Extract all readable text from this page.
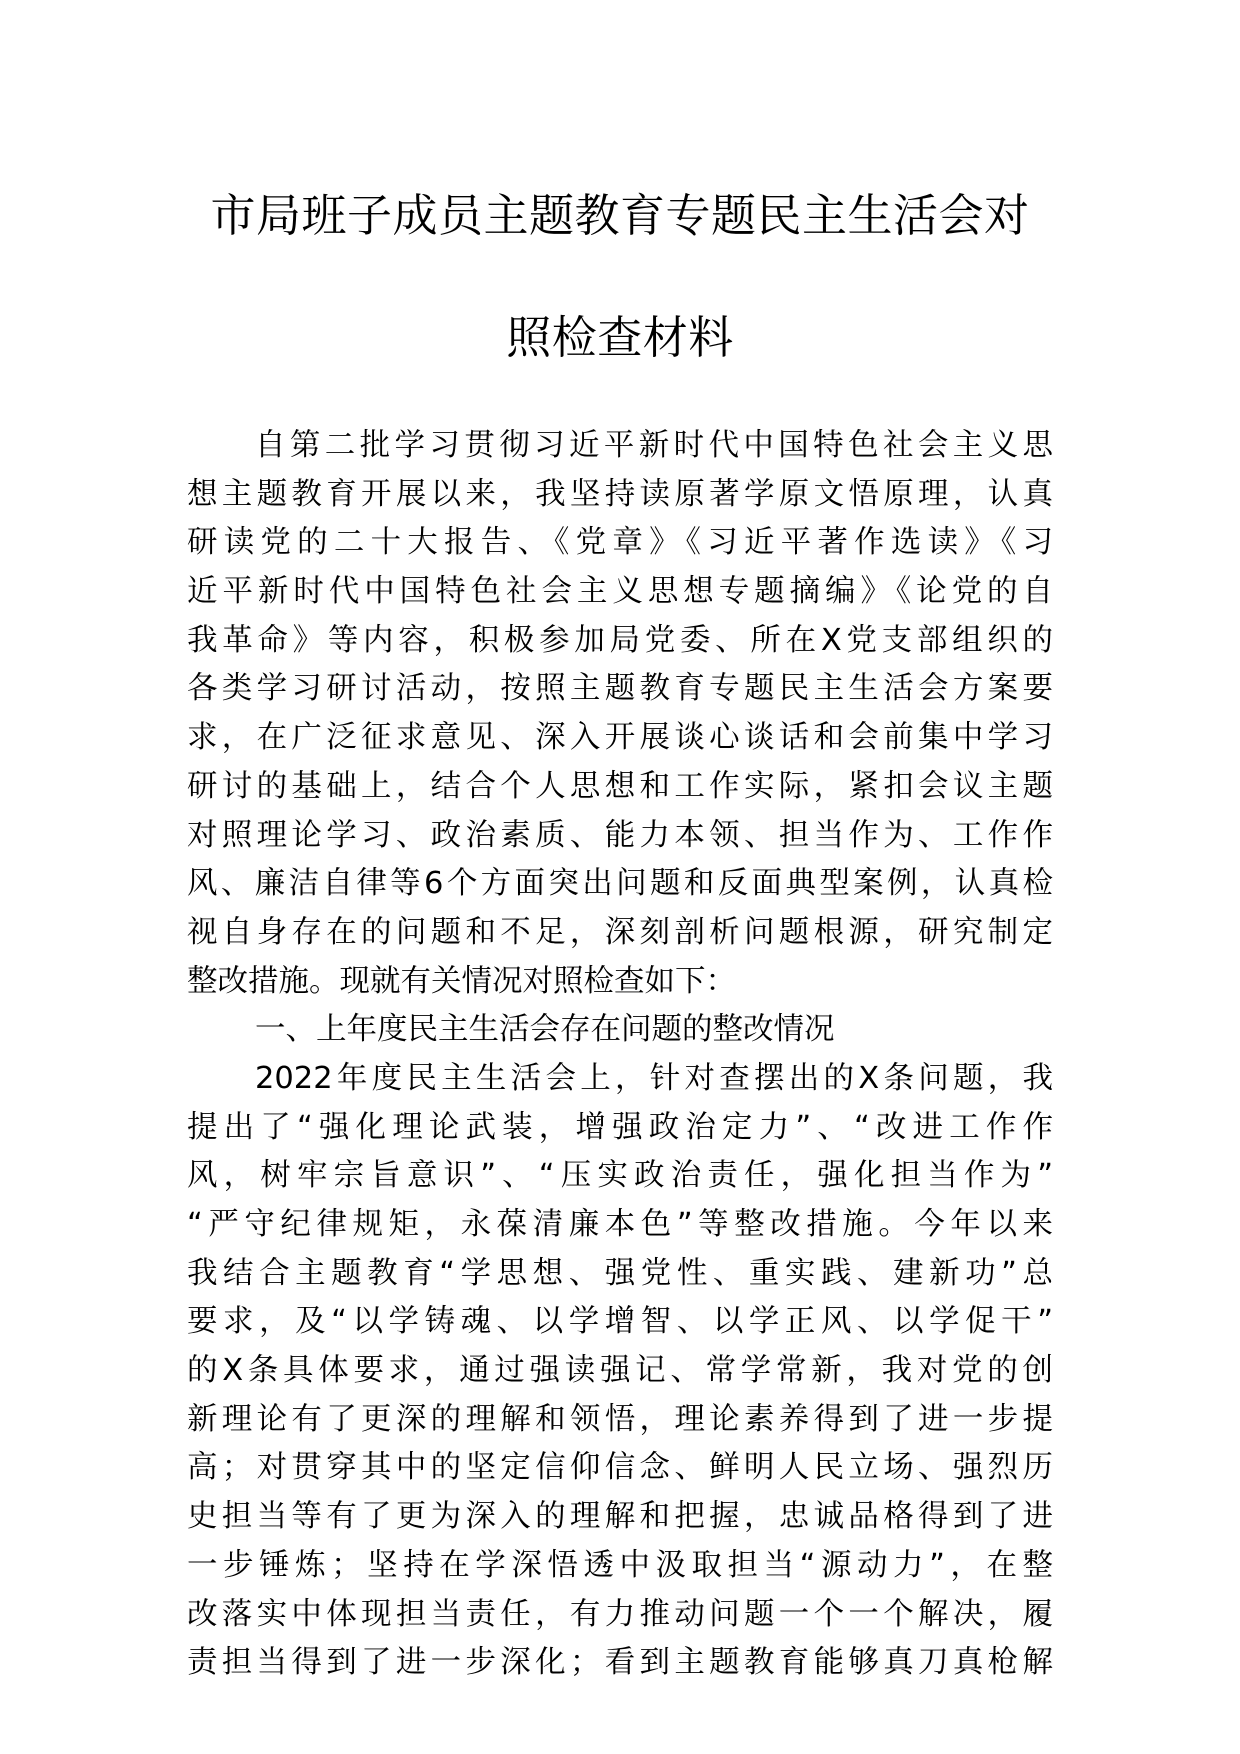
市局班子成员主题教育专题民主生活会对
照检查材料
自第二批学习贯彻习近平新时代中国特色社会主义思
想主题教育开展以来，我坚持读原著学原文悟原理，认真
研读党的二十大报告、《党章》《习近平著作选读》《习
近平新时代中国特色社会主义思想专题摘编》《论党的自
我革命》等内容，积极参加局党委、所在X党支部组织的
各类学习研讨活动，按照主题教育专题民主生活会方案要
求，在广泛征求意见、深入开展谈心谈话和会前集中学习
研讨的基础上，结合个人思想和工作实际，紧扣会议主题
对照理论学习、政治素质、能力本领、担当作为、工作作
风、廉洁自律等6个方面突出问题和反面典型案例，认真检
视自身存在的问题和不足，深刻剖析问题根源，研究制定
整改措施。现就有关情况对照检查如下：
一、上年度民主生活会存在问题的整改情况
2022年度民主生活会上，针对查摆出的X条问题，我
提出了“强化理论武装，增强政治定力”、“改进工作作
风，树牢宗旨意识”、“压实政治责任，强化担当作为”
“严守纪律规矩，永葆清廉本色”等整改措施。今年以来
我结合主题教育“学思想、强党性、重实践、建新功”总
要求，及“以学铸魂、以学增智、以学正风、以学促干”
的X条具体要求，通过强读强记、常学常新，我对党的创
新理论有了更深的理解和领悟，理论素养得到了进一步提
高；对贯穿其中的坚定信仰信念、鲜明人民立场、强烈历
史担当等有了更为深入的理解和把握，忠诚品格得到了进
一步锤炼；坚持在学深悟透中汲取担当“源动力”，在整
改落实中体现担当责任，有力推动问题一个一个解决，履
责担当得到了进一步深化；看到主题教育能够真刀真枪解
